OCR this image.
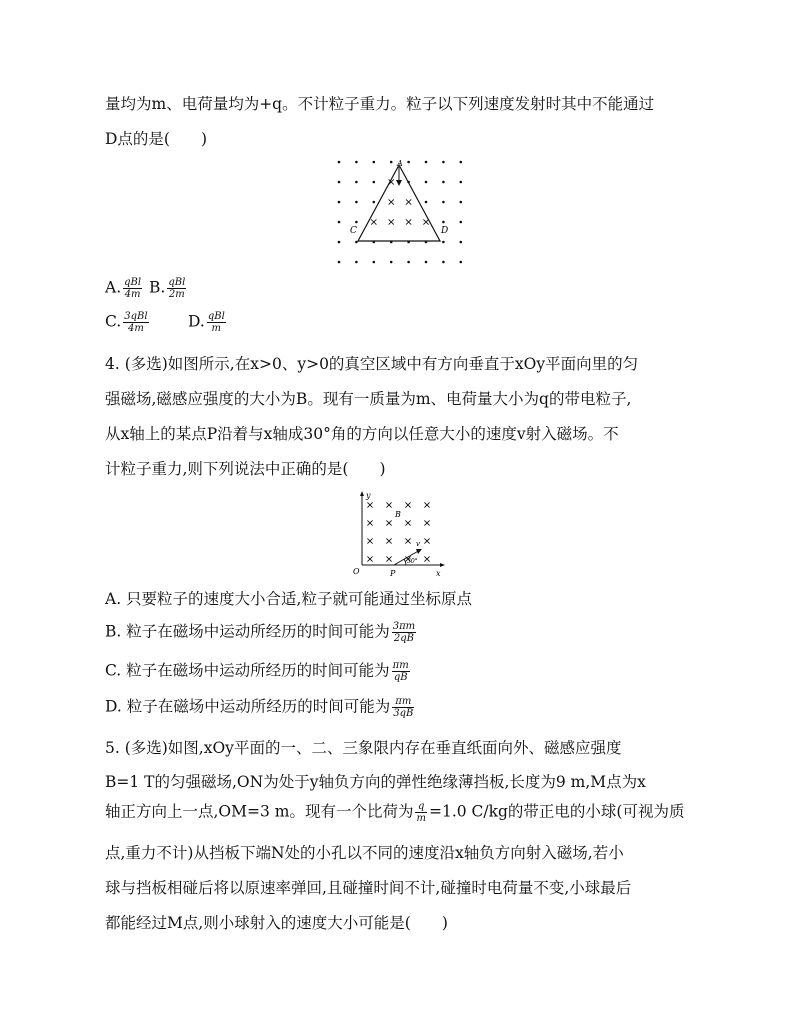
量均为m、电荷量均为+q。不计粒子重力。粒子以下列速度发射时其中不能通过
D点的是(　　)
A
C	D
A. $\frac{\text{qBl}}{4m} B$. $\frac{\text{qBl}}{2m}$
C. $\frac{\text{3qBl}}{4m}$	D. $\frac{\text{qBl}}{m}$
4. (多选)如图所示,在x>0、y>0的真空区域中有方向垂直于xOy平面向里的匀
强磁场,磁感应强度的大小为B。现有一质量为m、电荷量大小为q的带电粒子,
从x轴上的某点P沿着与x轴成30°角的方向以任意大小的速度v射入磁场。不
计粒子重力,则下列说法中正确的是(　　)
y
B
O	P	x
v
30°
A. 只要粒子的速度大小合适,粒子就可能通过坐标原点
B. 粒子在磁场中运动所经历的时间可能为 $\frac{3\pi m}{2qB}$
C. 粒子在磁场中运动所经历的时间可能为 $\frac{\pi m}{qB}$
D. 粒子在磁场中运动所经历的时间可能为 $\frac{\pi m}{3qB}$
5. (多选)如图,xOy平面的一、二、三象限内存在垂直纸面向外、磁感应强度
B=1 T的匀强磁场,ON为处于y轴负方向的弹性绝缘薄挡板,长度为9 m,M点为x
轴正方向上一点,OM=3 m。现有一个比荷为 $\frac{q}{m} =1.0$ C/kg的带正电的小球(可视为质
点,重力不计)从挡板下端N处的小孔以不同的速度沿x轴负方向射入磁场,若小
球与挡板相碰后将以原速率弹回,且碰撞时间不计,碰撞时电荷量不变,小球最后
都能经过M点,则小球射入的速度大小可能是(　　)
